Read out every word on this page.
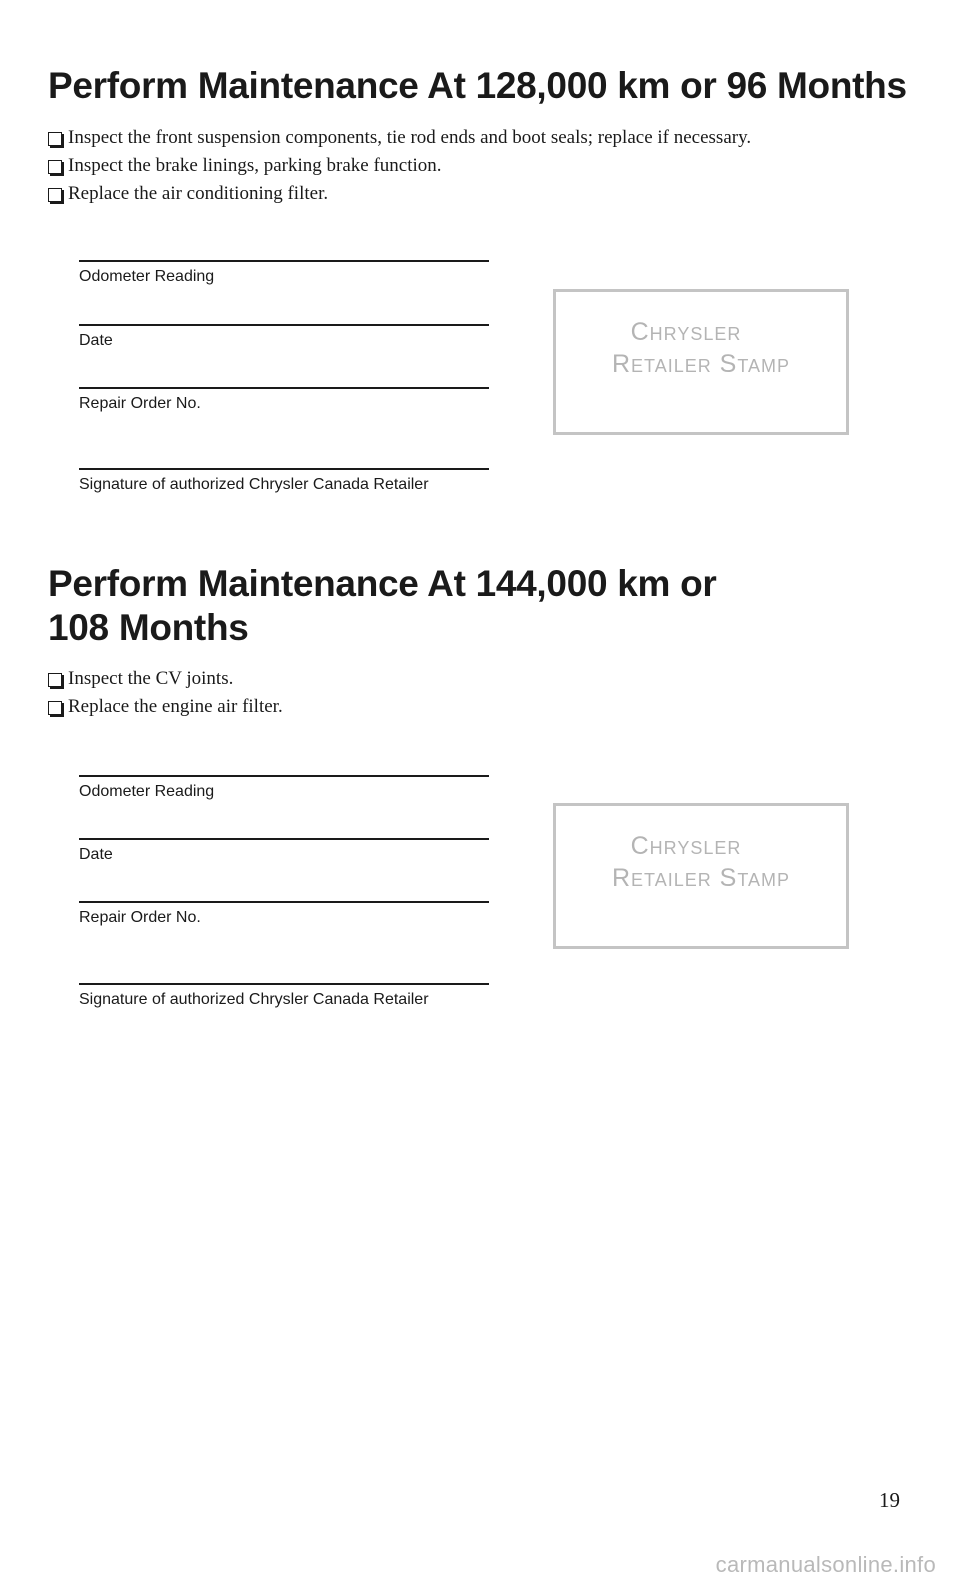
Perform Maintenance At 128,000 km or 96 Months
Inspect the front suspension components, tie rod ends and boot seals; replace if necessary.
Inspect the brake linings, parking brake function.
Replace the air conditioning filter.
Odometer Reading
Date
Repair Order No.
Signature of authorized Chrysler Canada Retailer
Chrysler
Retailer Stamp
Perform Maintenance At 144,000 km or
108 Months
Inspect the CV joints.
Replace the engine air filter.
Odometer Reading
Date
Repair Order No.
Signature of authorized Chrysler Canada Retailer
Chrysler
Retailer Stamp
19
carmanualsonline.info
